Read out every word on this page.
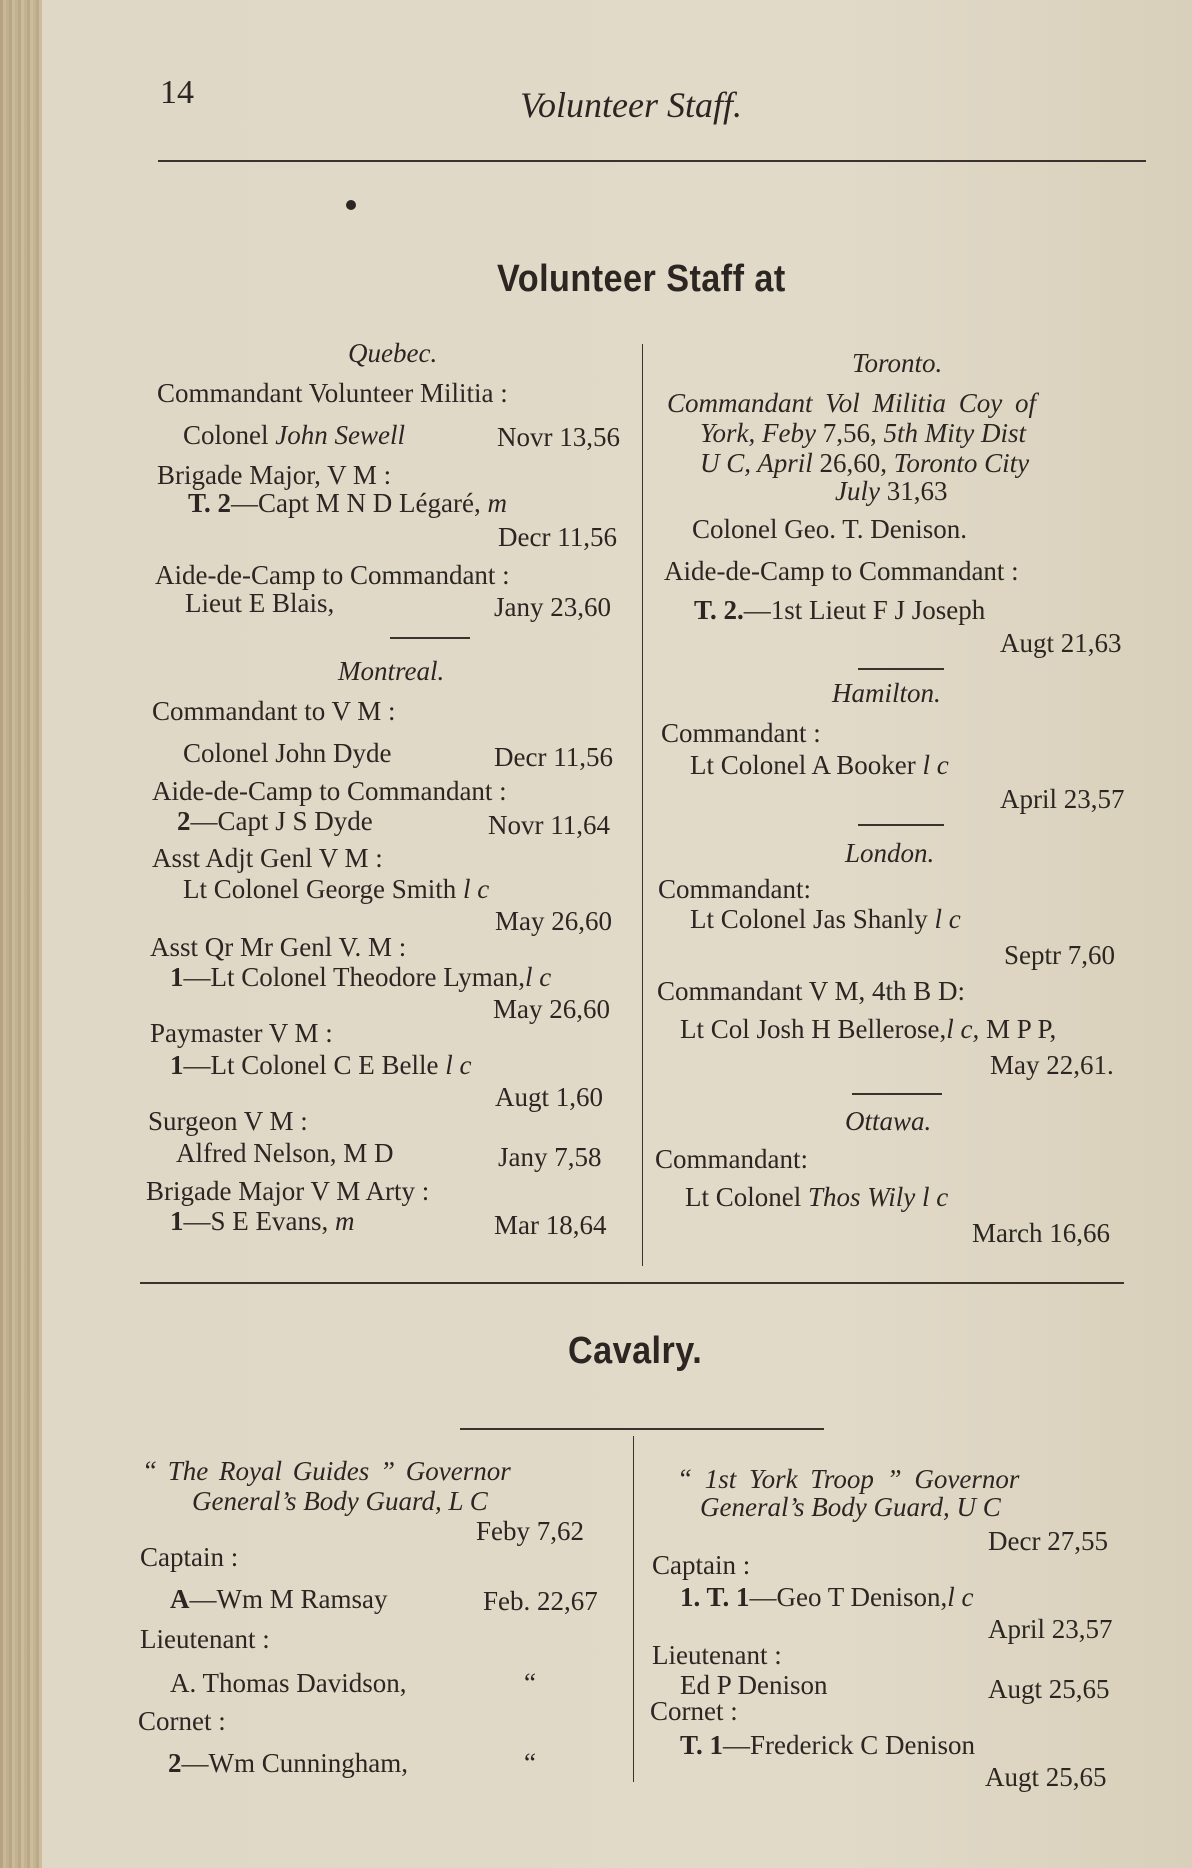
14	Volunteer Staff.
Volunteer Staff at
Quebec.
Commandant Volunteer Militia :
Colonel John Sewell	Novr 13,56
Brigade Major, V M :
T. 2—Capt M N D Légaré, m
Decr 11,56
Aide-de-Camp to Commandant :
Lieut E Blais,	Jany 23,60
Montreal.
Commandant to V M :
Colonel John Dyde	Decr 11,56
Aide-de-Camp to Commandant :
2—Capt J S Dyde	Novr 11,64
Asst Adjt Genl V M :
Lt Colonel George Smith l c
May 26,60
Asst Qr Mr Genl V. M :
1—Lt Colonel Theodore Lyman,l c
May 26,60
Paymaster V M :
1—Lt Colonel C E Belle l c
Augt 1,60
Surgeon V M :
Alfred Nelson, M D	Jany 7,58
Brigade Major V M Arty :
1—S E Evans, m	Mar 18,64
Toronto.
Commandant Vol Militia Coy of
York, Feby 7,56, 5th Mity Dist
U C, April 26,60, Toronto City
July 31,63
Colonel Geo. T. Denison.
Aide-de-Camp to Commandant :
T. 2.—1st Lieut F J Joseph
Augt 21,63
Hamilton.
Commandant :
Lt Colonel A Booker l c
April 23,57
London.
Commandant:
Lt Colonel Jas Shanly l c
Septr 7,60
Commandant V M, 4th B D:
Lt Col Josh H Bellerose,l c, M P P,
May 22,61.
Ottawa.
Commandant:
Lt Colonel Thos Wily l c
March 16,66
Cavalry.
“ The Royal Guides ” Governor
General’s Body Guard, L C
Feby 7,62
Captain :
A—Wm M Ramsay	Feb. 22,67
Lieutenant :
A. Thomas Davidson,	“
Cornet :
2—Wm Cunningham,	“
“ 1st York Troop ” Governor
General’s Body Guard, U C
Decr 27,55
Captain :
1. T. 1—Geo T Denison,l c
April 23,57
Lieutenant :
Ed P Denison	Augt 25,65
Cornet :
T. 1—Frederick C Denison
Augt 25,65
